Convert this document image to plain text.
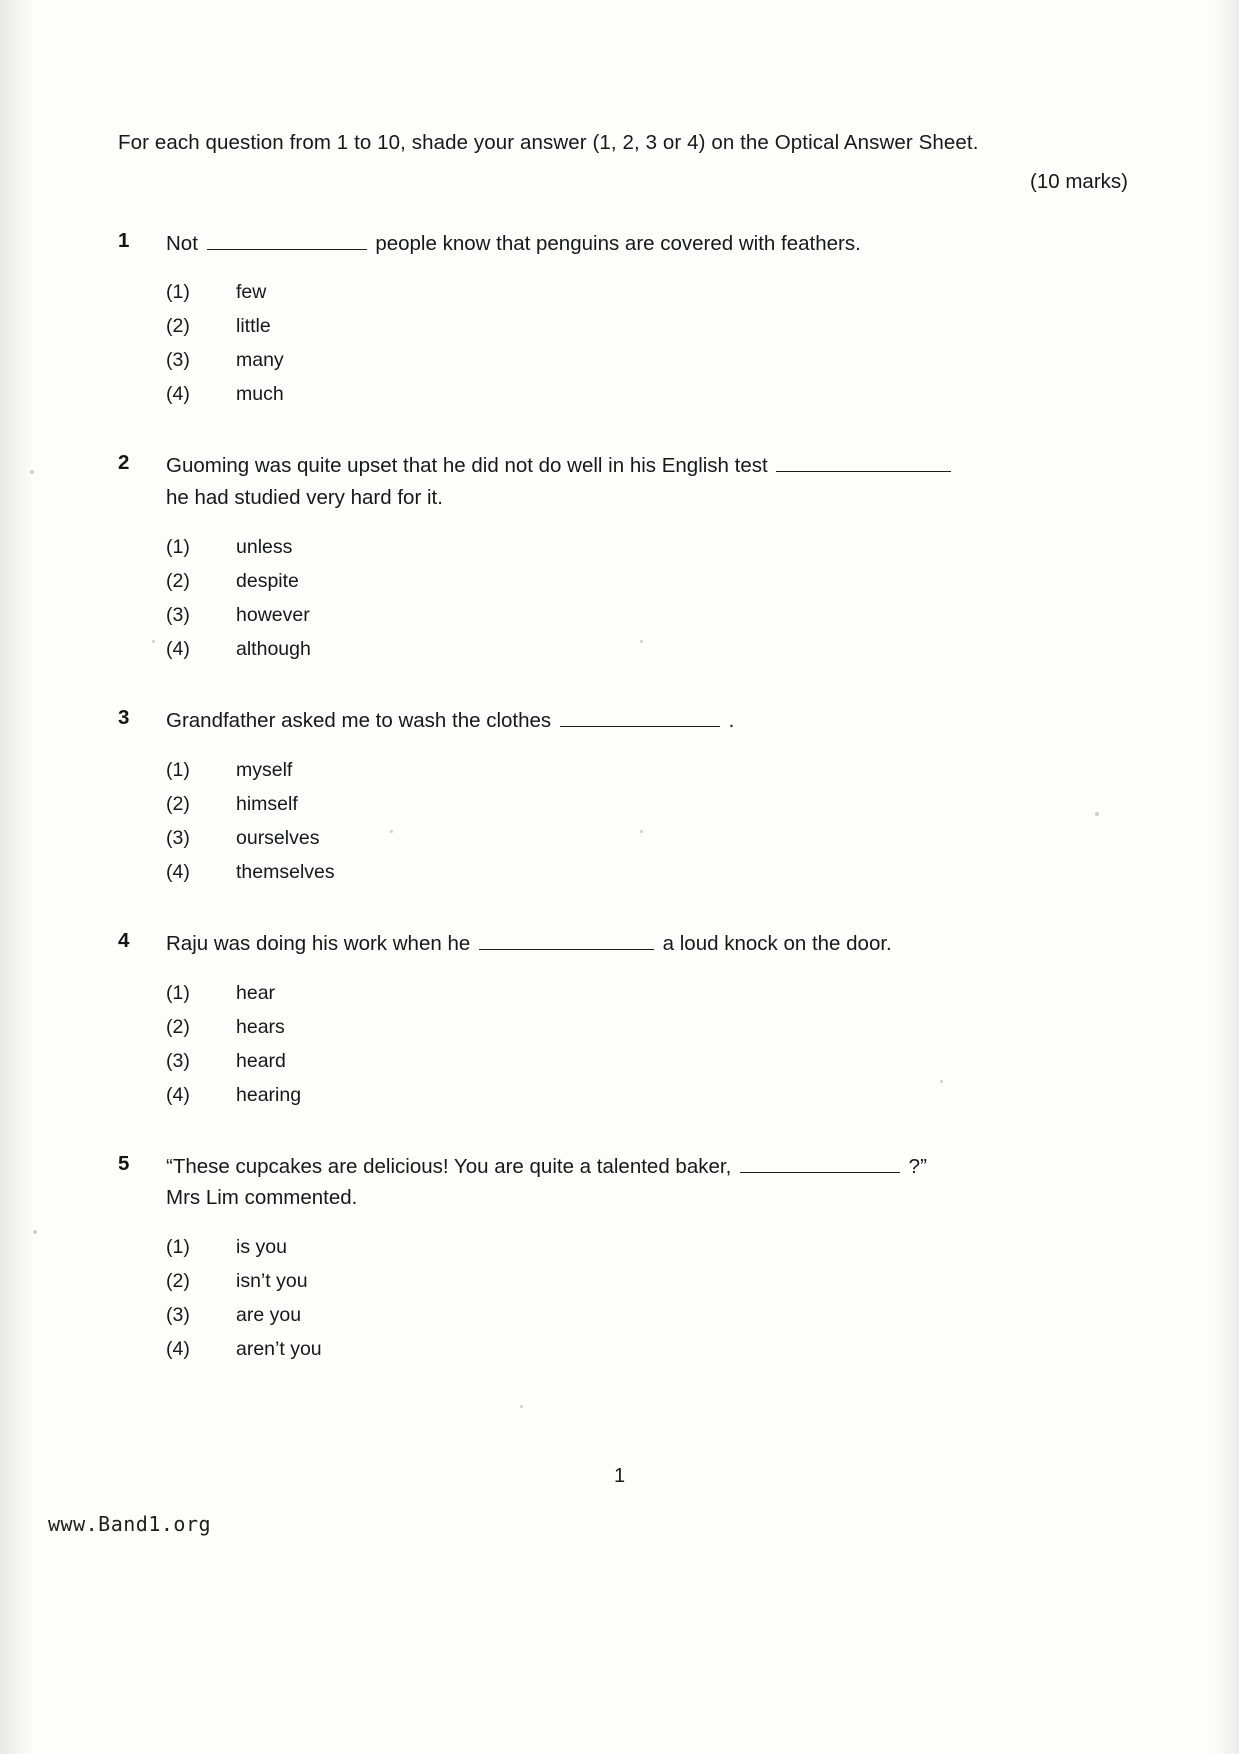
For each question from 1 to 10, shade your answer (1, 2, 3 or 4) on the Optical Answer Sheet.
(10 marks)
1	Not	people know that penguins are covered with feathers.
(1)	few
(2)	little
(3)	many
(4)	much
2	Guoming was quite upset that he did not do well in his English test
he had studied very hard for it.
(1)	unless
(2)	despite
(3)	however
(4)	although
3	Grandfather asked me to wash the clothes	.
(1)	myself
(2)	himself
(3)	ourselves
(4)	themselves
4	Raju was doing his work when he	a loud knock on the door.
(1)	hear
(2)	hears
(3)	heard
(4)	hearing
5	“These cupcakes are delicious! You are quite a talented baker,	?”
Mrs Lim commented.
(1)	is you
(2)	isn’t you
(3)	are you
(4)	aren’t you
1
www.Band1.org
